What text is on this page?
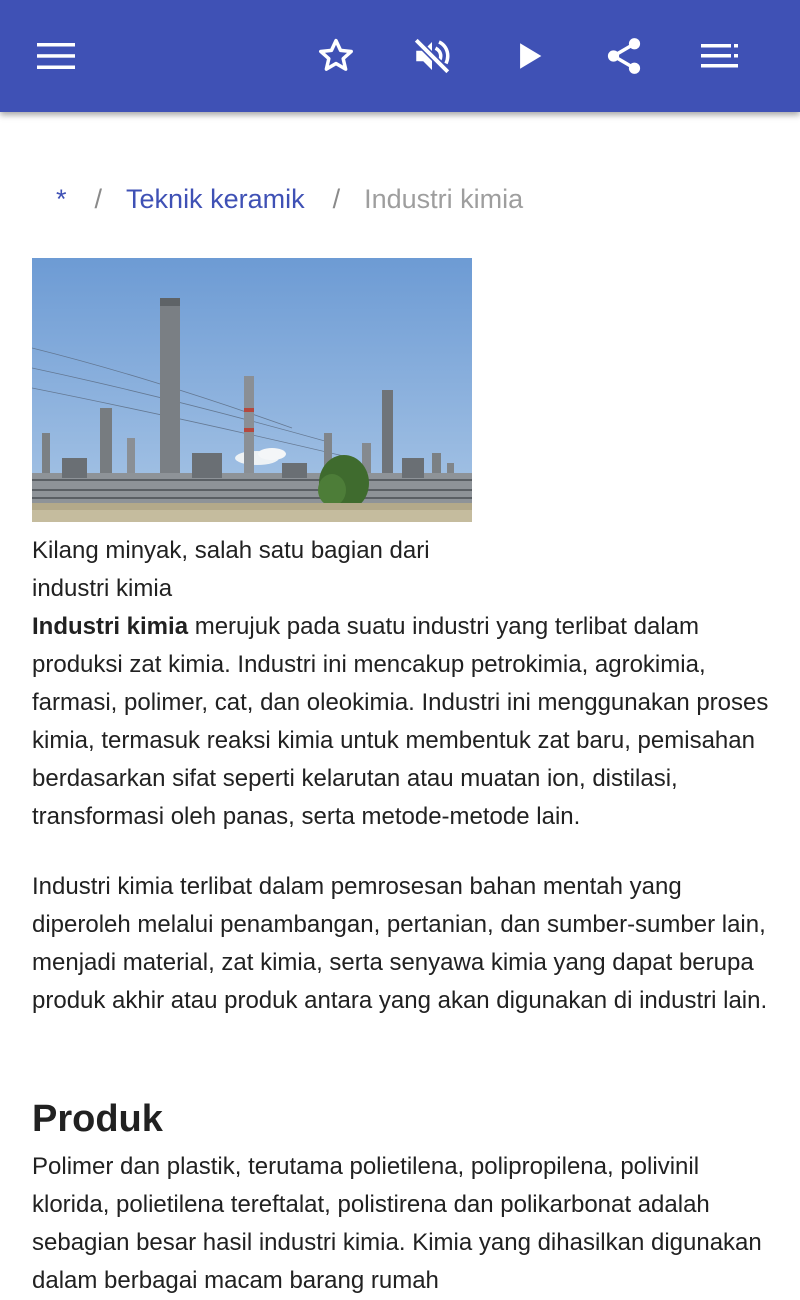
* / Teknik keramik / Industri kimia
Kilang minyak, salah satu bagian dari industri kimia

Industri kimia merujuk pada suatu industri yang terlibat dalam produksi zat kimia. Industri ini mencakup petrokimia, agrokimia, farmasi, polimer, cat, dan oleokimia. Industri ini menggunakan proses kimia, termasuk reaksi kimia untuk membentuk zat baru, pemisahan berdasarkan sifat seperti kelarutan atau muatan ion, distilasi, transformasi oleh panas, serta metode-metode lain.

Industri kimia terlibat dalam pemrosesan bahan mentah yang diperoleh melalui penambangan, pertanian, dan sumber-sumber lain, menjadi material, zat kimia, serta senyawa kimia yang dapat berupa produk akhir atau produk antara yang akan digunakan di industri lain.

Produk

Polimer dan plastik, terutama polietilena, polipropilena, polivinil klorida, polietilena tereftalat, polistirena dan polikarbonat adalah sebagian besar hasil industri kimia. Kimia yang dihasilkan digunakan dalam berbagai macam barang rumah
